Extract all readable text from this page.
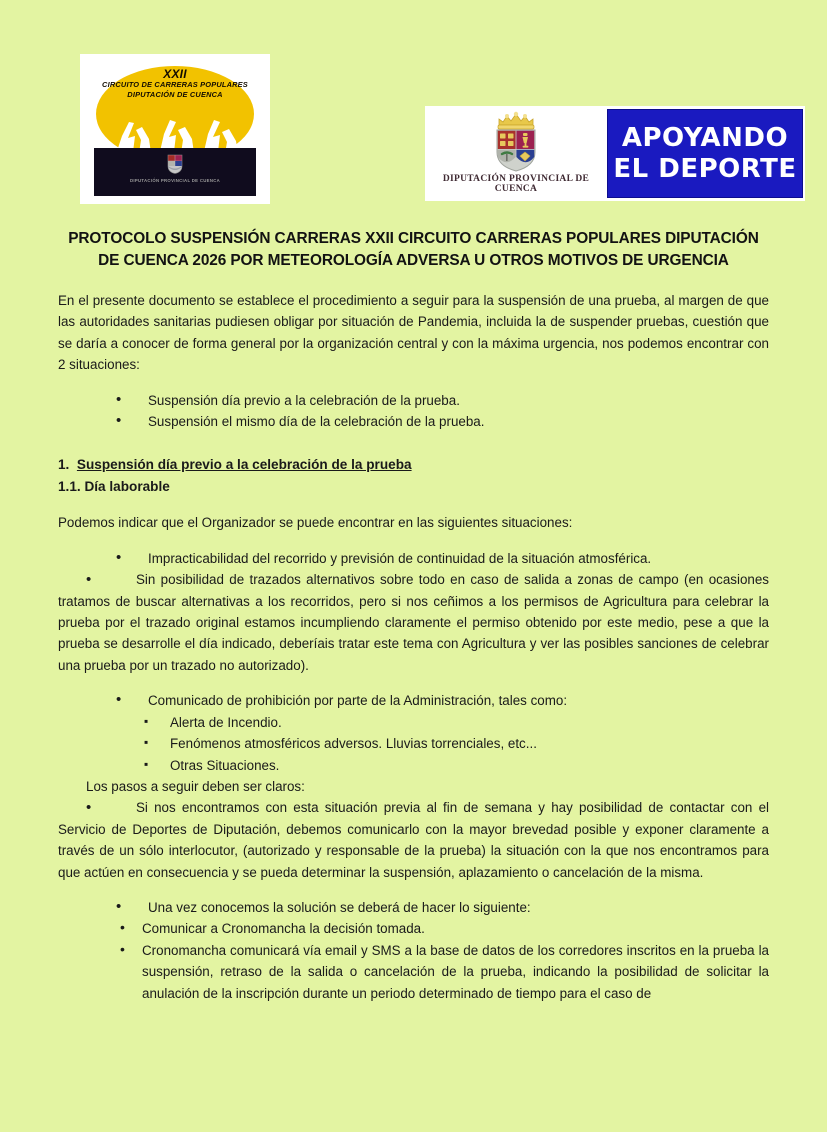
XXII
CIRCUITO DE CARRERAS POPULARES
DIPUTACIÓN DE CUENCA
DIPUTACIÓN PROVINCIAL DE CUENCA	DIPUTACIÓN PROVINCIAL DE CUENCA
APOYANDO
EL DEPORTE
PROTOCOLO SUSPENSIÓN CARRERAS XXII CIRCUITO CARRERAS POPULARES DIPUTACIÓN DE CUENCA 2026 POR METEOROLOGÍA ADVERSA U OTROS MOTIVOS DE URGENCIA

En el presente documento se establece el procedimiento a seguir para la suspensión de una prueba, al margen de que las autoridades sanitarias pudiesen obligar por situación de Pandemia, incluida la de suspender pruebas, cuestión que se daría a conocer de forma general por la organización central y con la máxima urgencia, nos podemos encontrar con 2 situaciones:

• Suspensión día previo a la celebración de la prueba.
• Suspensión el mismo día de la celebración de la prueba.

1. Suspensión día previo a la celebración de la prueba

1.1. Día laborable

Podemos indicar que el Organizador se puede encontrar en las siguientes situaciones:

• Impracticabilidad del recorrido y previsión de continuidad de la situación atmosférica.

•Sin posibilidad de trazados alternativos sobre todo en caso de salida a zonas de campo (en ocasiones tratamos de buscar alternativas a los recorridos, pero si nos ceñimos a los permisos de Agricultura para celebrar la prueba por el trazado original estamos incumpliendo claramente el permiso obtenido por este medio, pese a que la prueba se desarrolle el día indicado, deberíais tratar este tema con Agricultura y ver las posibles sanciones de celebrar una prueba por un trazado no autorizado).

• Comunicado de prohibición por parte de la Administración, tales como:
▪ Alerta de Incendio.
▪ Fenómenos atmosféricos adversos. Lluvias torrenciales, etc...
▪ Otras Situaciones.

Los pasos a seguir deben ser claros:

•Si nos encontramos con esta situación previa al fin de semana y hay posibilidad de contactar con el Servicio de Deportes de Diputación, debemos comunicarlo con la mayor brevedad posible y exponer claramente a través de un sólo interlocutor, (autorizado y responsable de la prueba) la situación con la que nos encontramos para que actúen en consecuencia y se pueda determinar la suspensión, aplazamiento o cancelación de la misma.

• Una vez conocemos la solución se deberá de hacer lo siguiente:
• Comunicar a Cronomancha la decisión tomada.
• Cronomancha comunicará vía email y SMS a la base de datos de los corredores inscritos en la prueba la suspensión, retraso de la salida o cancelación de la prueba, indicando la posibilidad de solicitar la anulación de la inscripción durante un periodo determinado de tiempo para el caso de
